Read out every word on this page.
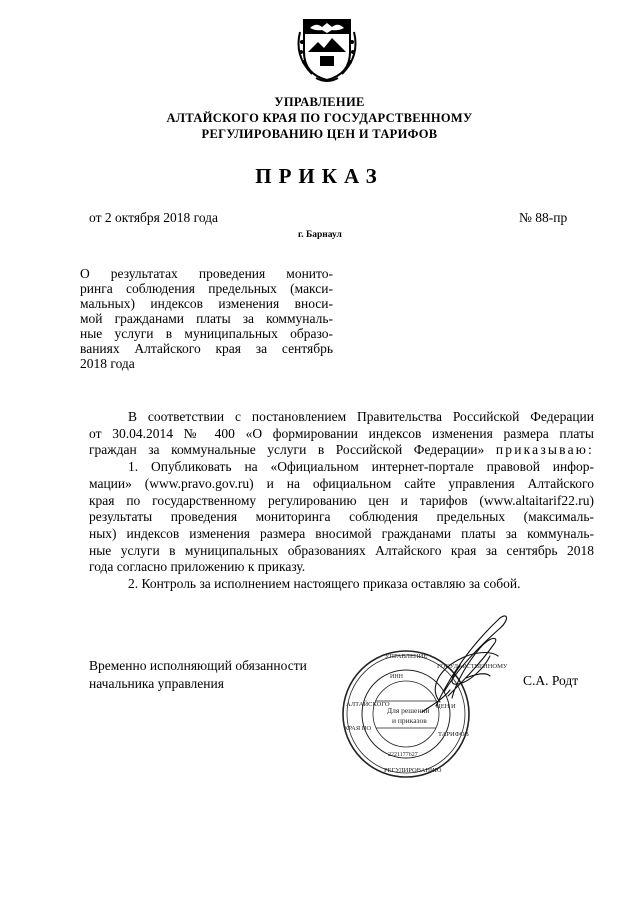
УПРАВЛЕНИЕ
АЛТАЙСКОГО КРАЯ ПО ГОСУДАРСТВЕННОМУ
РЕГУЛИРОВАНИЮ ЦЕН И ТАРИФОВ
ПРИКАЗ
от 2 октября 2018 года	№ 88-пр
г. Барнаул
О результатах проведения монито-
ринга соблюдения предельных (макси-
мальных) индексов изменения вноси-
мой гражданами платы за коммуналь-
ные услуги в муниципальных образо-
ваниях Алтайского края за сентябрь
2018 года
В соответствии с постановлением Правительства Российской Федерации
от 30.04.2014 № 400 «О формировании индексов изменения размера платы
граждан за коммунальные услуги в Российской Федерации» приказываю:
1. Опубликовать на «Официальном интернет-портале правовой инфор-
мации» (www.pravo.gov.ru) и на официальном сайте управления Алтайского
края по государственному регулированию цен и тарифов (www.altaitarif22.ru)
результаты проведения мониторинга соблюдения предельных (максималь-
ных) индексов изменения размера вносимой гражданами платы за коммуналь-
ные услуги в муниципальных образованиях Алтайского края за сентябрь 2018
года согласно приложению к приказу.
2. Контроль за исполнением настоящего приказа оставляю за собой.
Временно исполняющий обязанности
начальника управления	С.А. Родт
УПРАВЛЕНИЕ
ГОСУДАРСТВЕННОМУ
АЛТАЙСКОГО
КРАЯ ПО
ЦЕН И
ТАРИФОВ
РЕГУЛИРОВАНИЮ
ИНН
2221177627
Для решений
и приказов
